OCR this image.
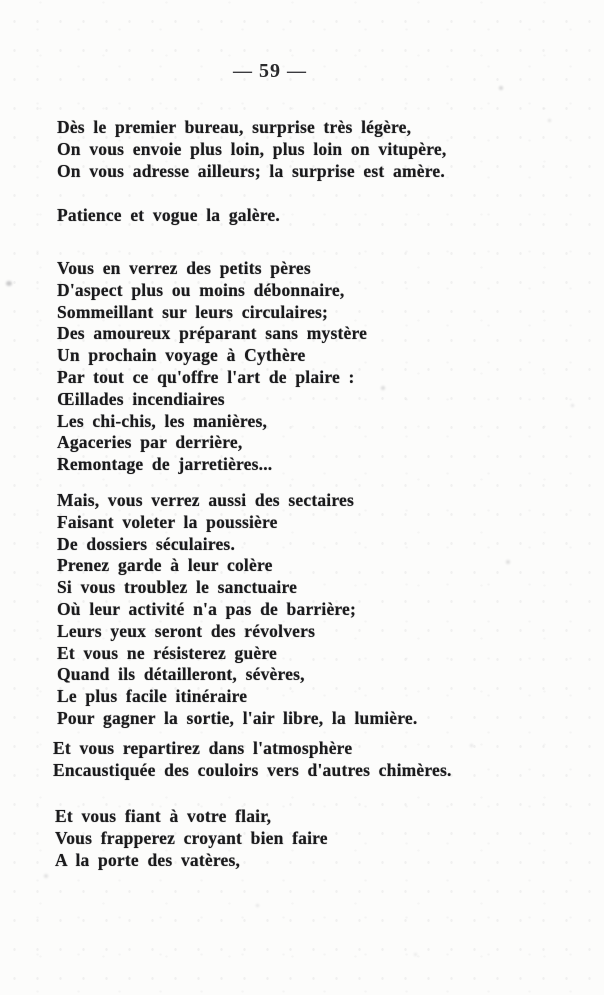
— 59 —
Dès le premier bureau, surprise très légère,
On vous envoie plus loin, plus loin on vitupère,
On vous adresse ailleurs; la surprise est amère.
Patience et vogue la galère.
Vous en verrez des petits pères
D'aspect plus ou moins débonnaire,
Sommeillant sur leurs circulaires;
Des amoureux préparant sans mystère
Un prochain voyage à Cythère
Par tout ce qu'offre l'art de plaire :
Œillades incendiaires
Les chi-chis, les manières,
Agaceries par derrière,
Remontage de jarretières...
Mais, vous verrez aussi des sectaires
Faisant voleter la poussière
De dossiers séculaires.
Prenez garde à leur colère
Si vous troublez le sanctuaire
Où leur activité n'a pas de barrière;
Leurs yeux seront des révolvers
Et vous ne résisterez guère
Quand ils détailleront, sévères,
Le plus facile itinéraire
Pour gagner la sortie, l'air libre, la lumière.
Et vous repartirez dans l'atmosphère
Encaustiquée des couloirs vers d'autres chimères.
Et vous fiant à votre flair,
Vous frapperez croyant bien faire
A la porte des vatères,
